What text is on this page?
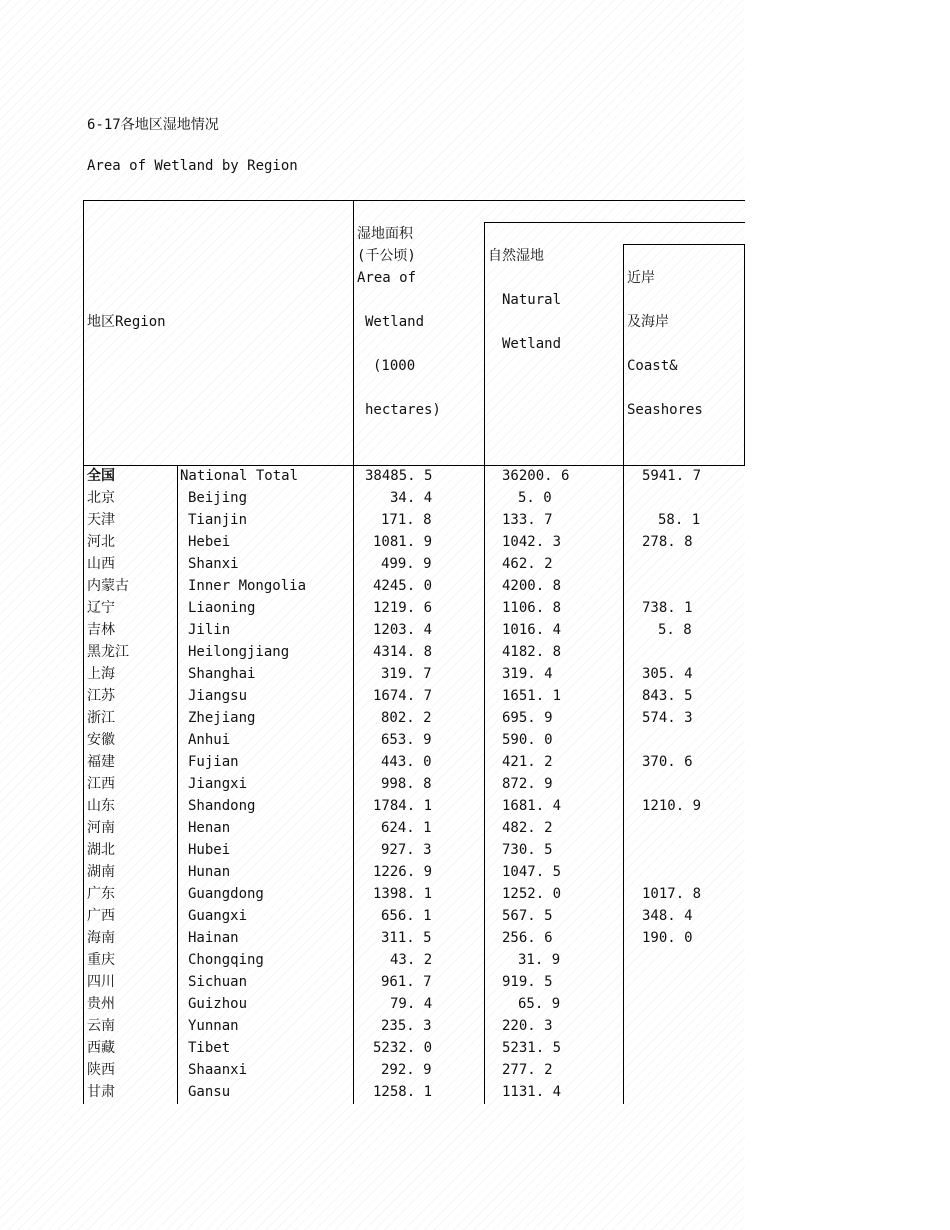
6-17各地区湿地情况
Area of Wetland by Region
地区Region
湿地面积
(千公顷)
Area of
Wetland
(1000
hectares)
自然湿地
Natural
Wetland
近岸
及海岸
Coast&
Seashores
全国	National Total	38485. 5	36200. 6	5941. 7
北京	Beijing	34. 4	5. 0
天津	Tianjin	171. 8	133. 7	58. 1
河北	Hebei	1081. 9	1042. 3	278. 8
山西	Shanxi	499. 9	462. 2
内蒙古	Inner Mongolia	4245. 0	4200. 8
辽宁	Liaoning	1219. 6	1106. 8	738. 1
吉林	Jilin	1203. 4	1016. 4	5. 8
黑龙江	Heilongjiang	4314. 8	4182. 8
上海	Shanghai	319. 7	319. 4	305. 4
江苏	Jiangsu	1674. 7	1651. 1	843. 5
浙江	Zhejiang	802. 2	695. 9	574. 3
安徽	Anhui	653. 9	590. 0
福建	Fujian	443. 0	421. 2	370. 6
江西	Jiangxi	998. 8	872. 9
山东	Shandong	1784. 1	1681. 4	1210. 9
河南	Henan	624. 1	482. 2
湖北	Hubei	927. 3	730. 5
湖南	Hunan	1226. 9	1047. 5
广东	Guangdong	1398. 1	1252. 0	1017. 8
广西	Guangxi	656. 1	567. 5	348. 4
海南	Hainan	311. 5	256. 6	190. 0
重庆	Chongqing	43. 2	31. 9
四川	Sichuan	961. 7	919. 5
贵州	Guizhou	79. 4	65. 9
云南	Yunnan	235. 3	220. 3
西藏	Tibet	5232. 0	5231. 5
陕西	Shaanxi	292. 9	277. 2
甘肃	Gansu	1258. 1	1131. 4
